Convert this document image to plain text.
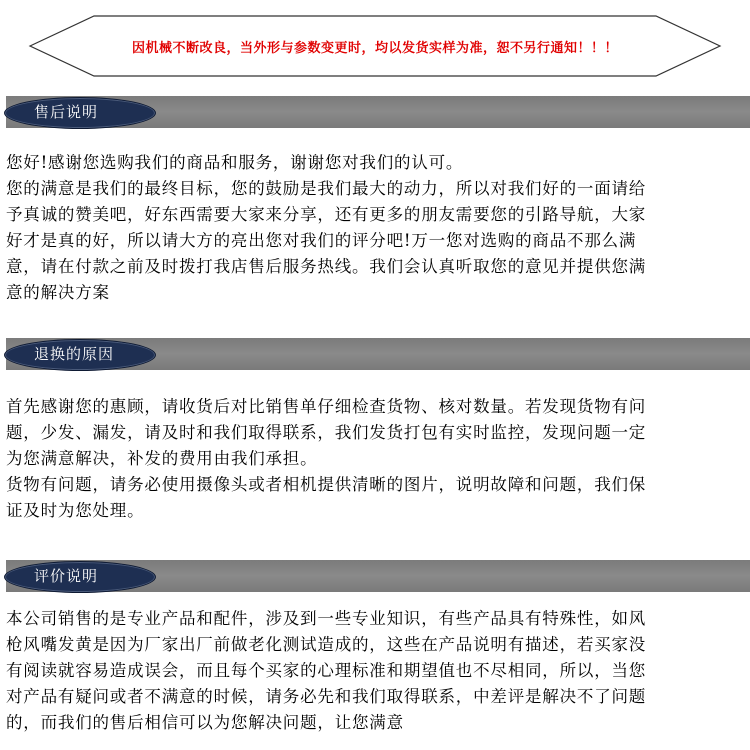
因机械不断改良，当外形与参数变更时，均以发货实样为准，恕不另行通知！！！
售后说明
您好!感谢您选购我们的商品和服务，谢谢您对我们的认可。
您的满意是我们的最终目标，您的鼓励是我们最大的动力，所以对我们好的一面请给
予真诚的赞美吧，好东西需要大家来分享，还有更多的朋友需要您的引路导航，大家
好才是真的好，所以请大方的亮出您对我们的评分吧!万一您对选购的商品不那么满
意，请在付款之前及时拨打我店售后服务热线。我们会认真听取您的意见并提供您满
意的解决方案
退换的原因
首先感谢您的惠顾，请收货后对比销售单仔细检查货物、核对数量。若发现货物有问
题，少发、漏发，请及时和我们取得联系，我们发货打包有实时监控，发现问题一定
为您满意解决，补发的费用由我们承担。
货物有问题，请务必使用摄像头或者相机提供清晰的图片，说明故障和问题，我们保
证及时为您处理。
评价说明
本公司销售的是专业产品和配件，涉及到一些专业知识，有些产品具有特殊性，如风
枪风嘴发黄是因为厂家出厂前做老化测试造成的，这些在产品说明有描述，若买家没
有阅读就容易造成误会，而且每个买家的心理标准和期望值也不尽相同，所以，当您
对产品有疑问或者不满意的时候，请务必先和我们取得联系，中差评是解决不了问题
的，而我们的售后相信可以为您解决问题，让您满意
